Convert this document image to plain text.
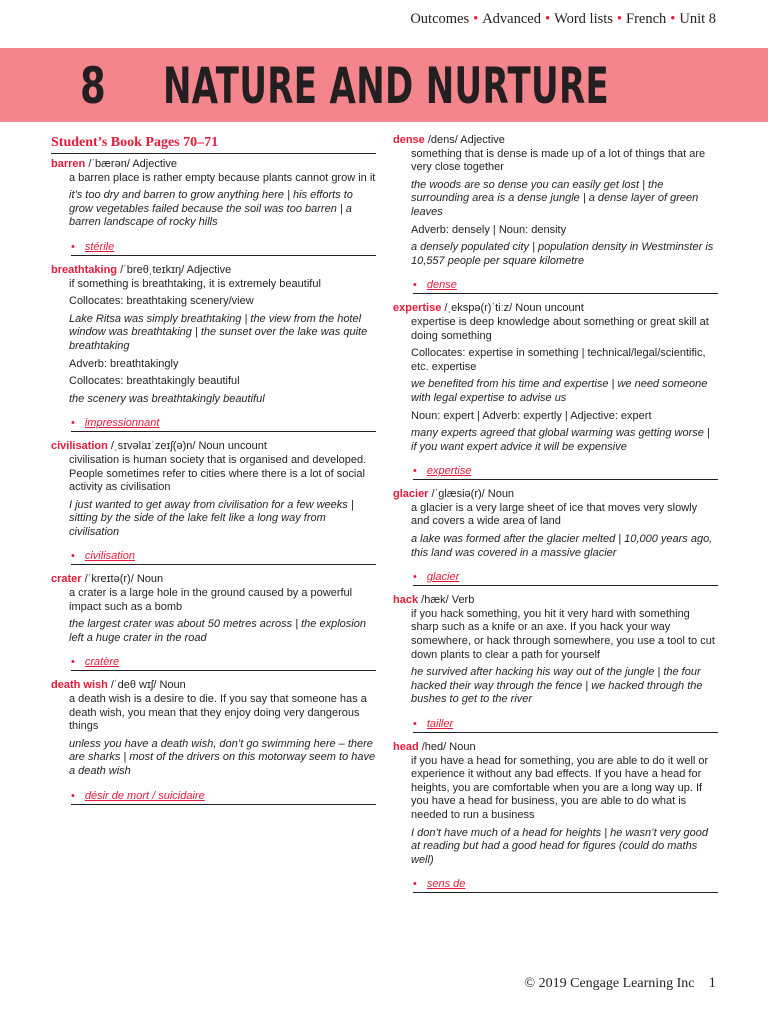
Outcomes • Advanced • Word lists • French • Unit 8
8 NATURE AND NURTURE
Student’s Book Pages 70–71
barren /ˈbærən/ Adjective
a barren place is rather empty because plants cannot grow in it
it’s too dry and barren to grow anything here | his efforts to grow vegetables failed because the soil was too barren | a barren landscape of rocky hills
• stérile
breathtaking /ˈbreθˌteɪkɪŋ/ Adjective
if something is breathtaking, it is extremely beautiful
Collocates: breathtaking scenery/view
Lake Ritsa was simply breathtaking | the view from the hotel window was breathtaking | the sunset over the lake was quite breathtaking
Adverb: breathtakingly
Collocates: breathtakingly beautiful
the scenery was breathtakingly beautiful
• impressionnant
civilisation /ˌsɪvəlaɪˈzeɪʃ(ə)n/ Noun uncount
civilisation is human society that is organised and developed. People sometimes refer to cities where there is a lot of social activity as civilisation
I just wanted to get away from civilisation for a few weeks | sitting by the side of the lake felt like a long way from civilisation
• civilisation
crater /ˈkreɪtə(r)/ Noun
a crater is a large hole in the ground caused by a powerful impact such as a bomb
the largest crater was about 50 metres across | the explosion left a huge crater in the road
• cratère
death wish /ˈdeθ wɪʃ/ Noun
a death wish is a desire to die. If you say that someone has a death wish, you mean that they enjoy doing very dangerous things
unless you have a death wish, don’t go swimming here – there are sharks | most of the drivers on this motorway seem to have a death wish
• désir de mort / suicidaire
dense /dens/ Adjective
something that is dense is made up of a lot of things that are very close together
the woods are so dense you can easily get lost | the surrounding area is a dense jungle | a dense layer of green leaves
Adverb: densely | Noun: density
a densely populated city | population density in Westminster is 10,557 people per square kilometre
• dense
expertise /ˌekspə(r)ˈtiːz/ Noun uncount
expertise is deep knowledge about something or great skill at doing something
Collocates: expertise in something | technical/legal/scientific, etc. expertise
we benefited from his time and expertise | we need someone with legal expertise to advise us
Noun: expert | Adverb: expertly | Adjective: expert
many experts agreed that global warming was getting worse | if you want expert advice it will be expensive
• expertise
glacier /ˈɡlæsiə(r)/ Noun
a glacier is a very large sheet of ice that moves very slowly and covers a wide area of land
a lake was formed after the glacier melted | 10,000 years ago, this land was covered in a massive glacier
• glacier
hack /hæk/ Verb
if you hack something, you hit it very hard with something sharp such as a knife or an axe. If you hack your way somewhere, or hack through somewhere, you use a tool to cut down plants to clear a path for yourself
he survived after hacking his way out of the jungle | the four hacked their way through the fence | we hacked through the bushes to get to the river
• tailler
head /hed/ Noun
if you have a head for something, you are able to do it well or experience it without any bad effects. If you have a head for heights, you are comfortable when you are a long way up. If you have a head for business, you are able to do what is needed to run a business
I don’t have much of a head for heights | he wasn’t very good at reading but had a good head for figures (could do maths well)
• sens de
© 2019 Cengage Learning Inc 1
